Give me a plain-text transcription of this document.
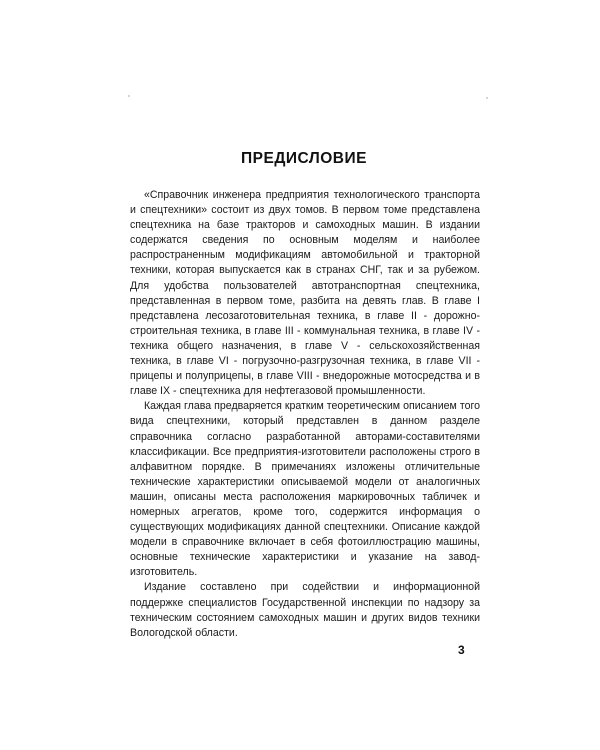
ПРЕДИСЛОВИЕ

«Справочник инженера предприятия технологического транспорта и спецтехники» состоит из двух томов. В первом томе представлена спецтехника на базе тракторов и самоходных машин. В издании содержатся сведения по основным моделям и наиболее распространенным модификациям автомобильной и тракторной техники, которая выпускается как в странах СНГ, так и за рубежом. Для удобства пользователей автотранспортная спецтехника, представленная в первом томе, разбита на девять глав. В главе I представлена лесозаготовительная техника, в главе II - дорожно-строительная техника, в главе III - коммунальная техника, в главе IV - техника общего назначения, в главе V - сельскохозяйственная техника, в главе VI - погрузочно-разгрузочная техника, в главе VII - прицепы и полуприцепы, в главе VIII - внедорожные мотосредства и в главе IX - спецтехника для нефтегазовой промышленности.

Каждая глава предваряется кратким теоретическим описанием того вида спецтехники, который представлен в данном разделе справочника согласно разработанной авторами-составителями классификации. Все предприятия-изготовители расположены строго в алфавитном порядке. В примечаниях изложены отличительные технические характеристики описываемой модели от аналогичных машин, описаны места расположения маркировочных табличек и номерных агрегатов, кроме того, содержится информация о существующих модификациях данной спецтехники. Описание каждой модели в справочнике включает в себя фотоиллюстрацию машины, основные технические характеристики и указание на завод-изготовитель.

Издание составлено при содействии и информационной поддержке специалистов Государственной инспекции по надзору за техническим состоянием самоходных машин и других видов техники Вологодской области.

3
